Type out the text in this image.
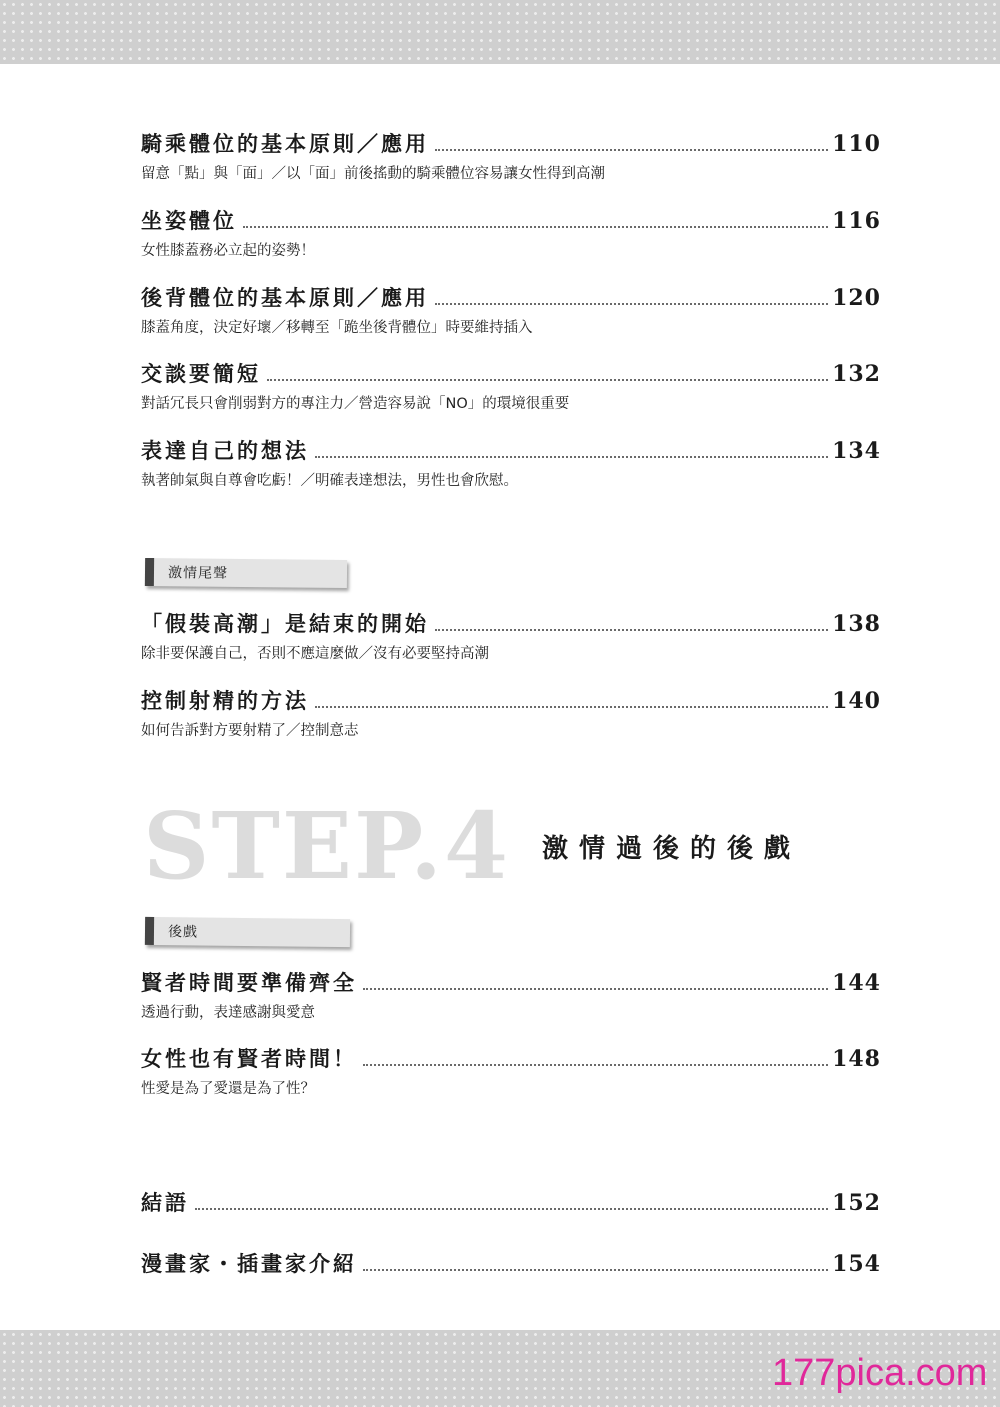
騎乘體位的基本原則／應用	110
留意「點」與「面」／以「面」前後搖動的騎乘體位容易讓女性得到高潮
坐姿體位	116
女性膝蓋務必立起的姿勢！
後背體位的基本原則／應用	120
膝蓋角度，決定好壞／移轉至「跪坐後背體位」時要維持插入
交談要簡短	132
對話冗長只會削弱對方的專注力／營造容易說「NO」的環境很重要
表達自己的想法	134
執著帥氣與自尊會吃虧！／明確表達想法，男性也會欣慰。
激情尾聲
「假裝高潮」是結束的開始	138
除非要保護自己，否則不應這麼做／沒有必要堅持高潮
控制射精的方法	140
如何告訴對方要射精了／控制意志
STEP.4 激情過後的後戲
後戲
賢者時間要準備齊全	144
透過行動，表達感謝與愛意
女性也有賢者時間！	148
性愛是為了愛還是為了性？
結語	152
漫畫家・插畫家介紹	154
177pica.com
